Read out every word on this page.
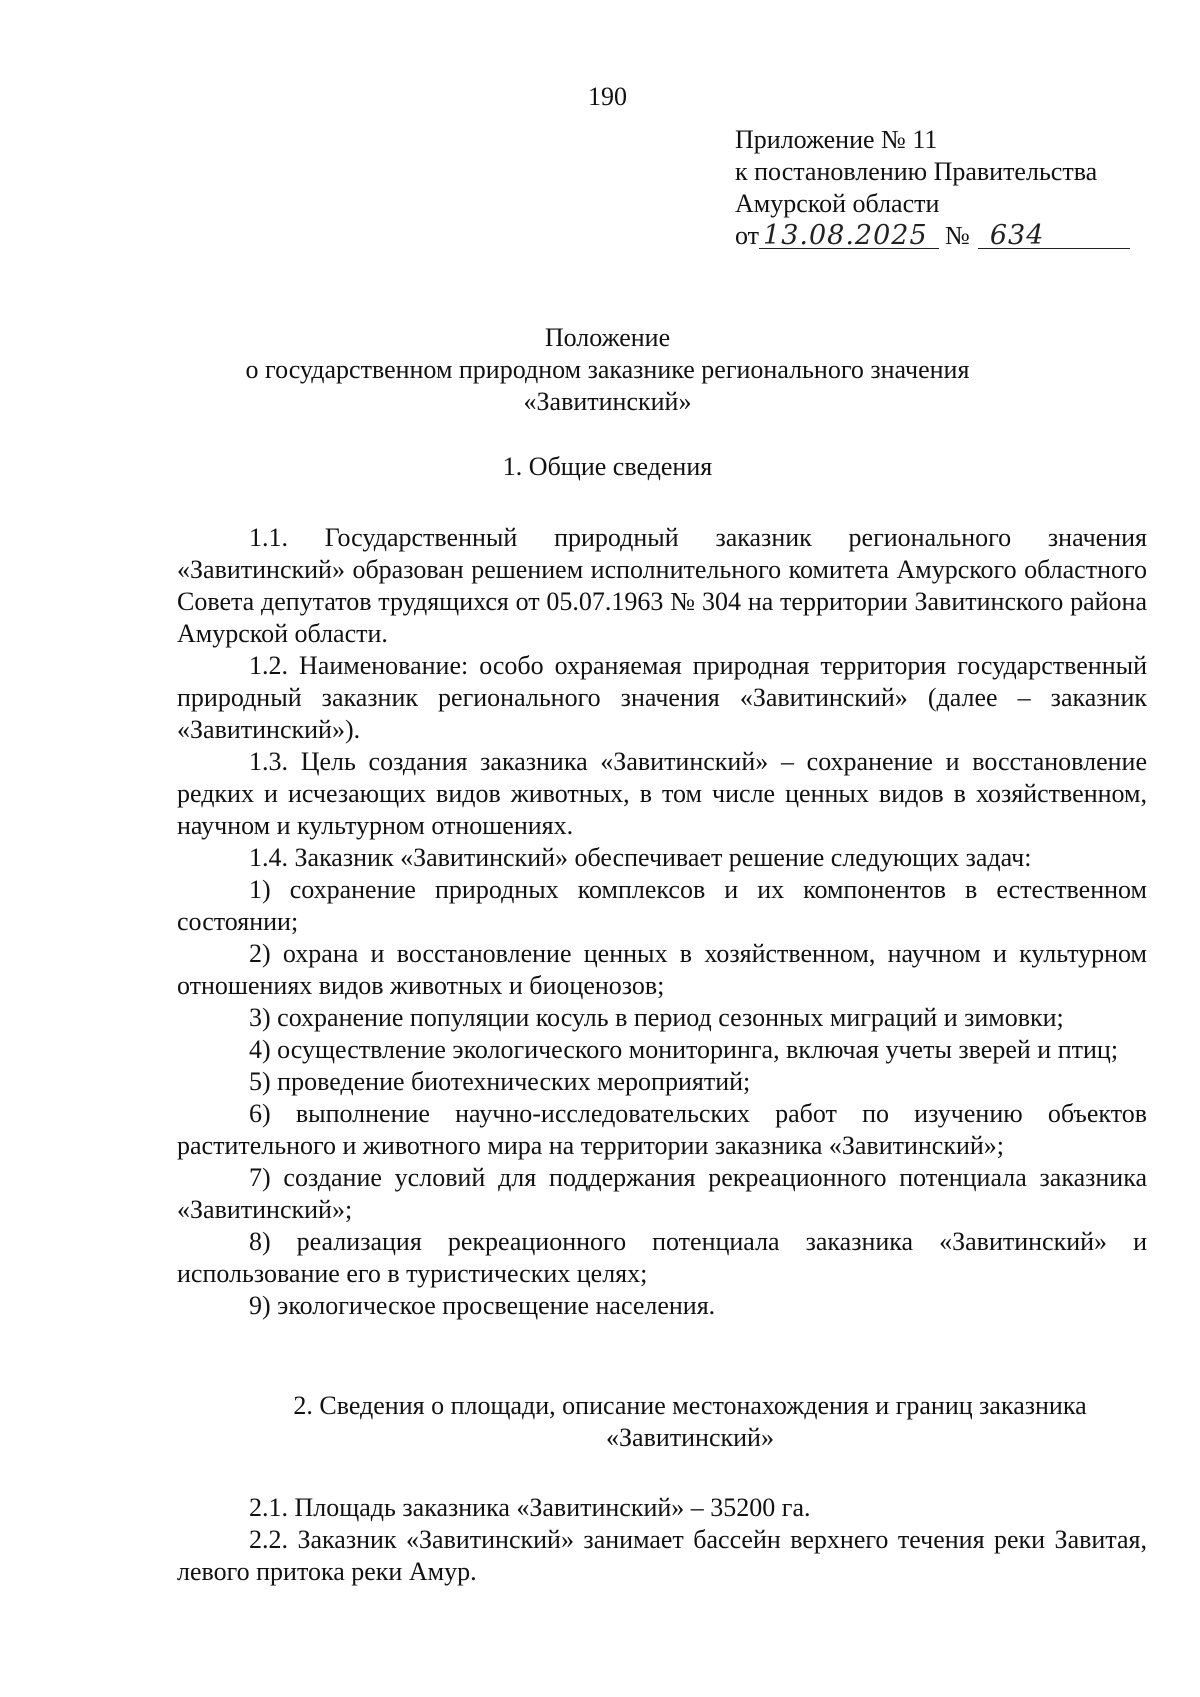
190
Приложение № 11
к постановлению Правительства
Амурской области
от 13.08.2025 № 634
Положение
о государственном природном заказнике регионального значения
«Завитинский»
1. Общие сведения
1.1. Государственный природный заказник регионального значения «Завитинский» образован решением исполнительного комитета Амурского областного Совета депутатов трудящихся от 05.07.1963 № 304 на территории Завитинского района Амурской области.
1.2. Наименование: особо охраняемая природная территория государственный природный заказник регионального значения «Завитинский» (далее – заказник «Завитинский»).
1.3. Цель создания заказника «Завитинский» – сохранение и восстановление редких и исчезающих видов животных, в том числе ценных видов в хозяйственном, научном и культурном отношениях.
1.4. Заказник «Завитинский» обеспечивает решение следующих задач:
1) сохранение природных комплексов и их компонентов в естественном состоянии;
2) охрана и восстановление ценных в хозяйственном, научном и культурном отношениях видов животных и биоценозов;
3) сохранение популяции косуль в период сезонных миграций и зимовки;
4) осуществление экологического мониторинга, включая учеты зверей и птиц;
5) проведение биотехнических мероприятий;
6) выполнение научно-исследовательских работ по изучению объектов растительного и животного мира на территории заказника «Завитинский»;
7) создание условий для поддержания рекреационного потенциала заказника «Завитинский»;
8) реализация рекреационного потенциала заказника «Завитинский» и использование его в туристических целях;
9) экологическое просвещение населения.
2. Сведения о площади, описание местонахождения и границ заказника
«Завитинский»
2.1. Площадь заказника «Завитинский» – 35200 га.
2.2. Заказник «Завитинский» занимает бассейн верхнего течения реки Завитая, левого притока реки Амур.
